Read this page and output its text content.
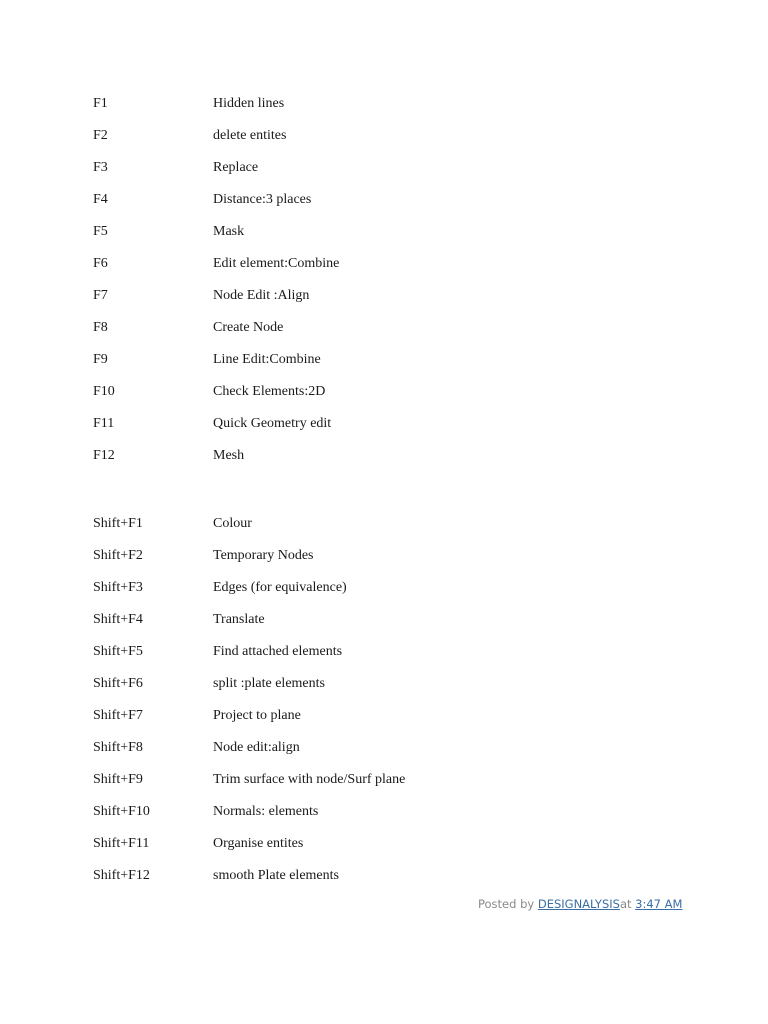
F1	Hidden lines
F2	delete entites
F3	Replace
F4	Distance:3 places
F5	Mask
F6	Edit element:Combine
F7	Node Edit :Align
F8	Create Node
F9	Line Edit:Combine
F10	Check Elements:2D
F11	Quick Geometry edit
F12	Mesh
Shift+F1	Colour
Shift+F2	Temporary Nodes
Shift+F3	Edges (for equivalence)
Shift+F4	Translate
Shift+F5	Find attached elements
Shift+F6	split :plate elements
Shift+F7	Project to plane
Shift+F8	Node edit:align
Shift+F9	Trim surface with node/Surf plane
Shift+F10	Normals: elements
Shift+F11	Organise entites
Shift+F12	smooth Plate elements
Posted by DESIGNALYSISat 3:47 AM
